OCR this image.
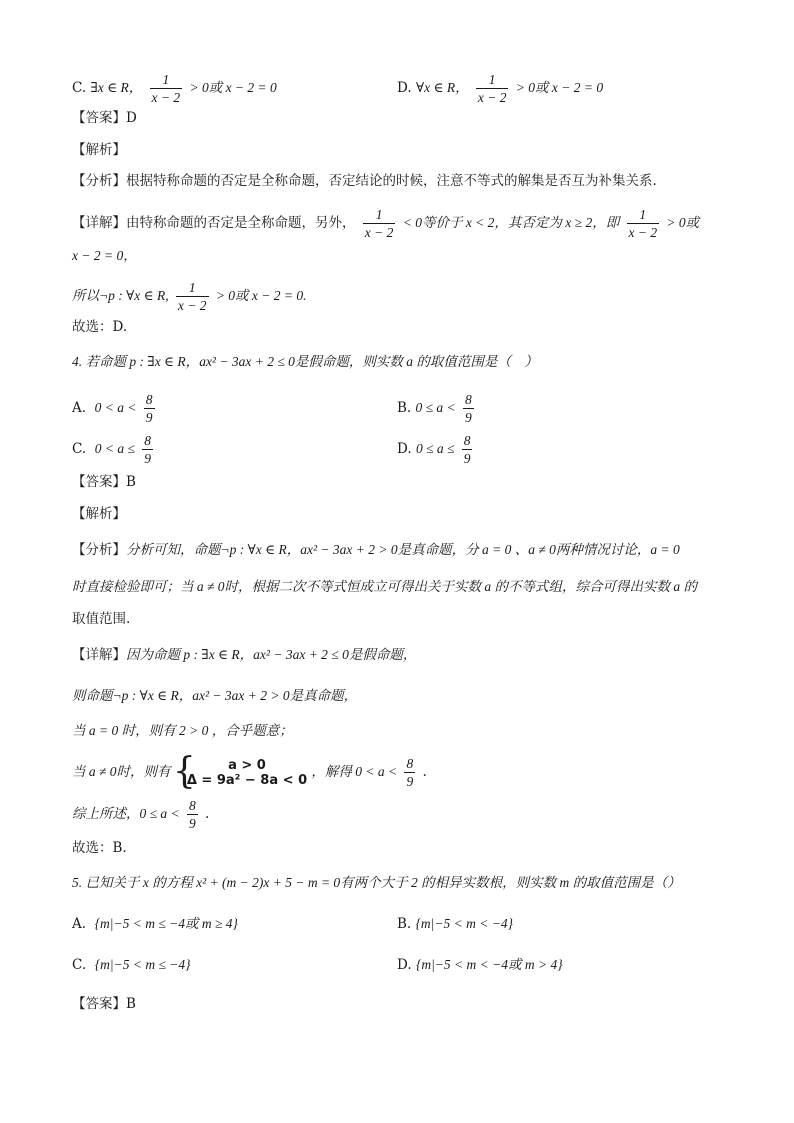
C. ∃x ∈ R， $\frac{1}{x - 2} > 0$或 x − 2 = 0	D. ∀x ∈ R， $\frac{1}{x - 2} > 0$或 x − 2 = 0
【答案】D
【解析】
【分析】根据特称命题的否定是全称命题，否定结论的时候，注意不等式的解集是否互为补集关系.
【详解】由特称命题的否定是全称命题，另外， $\frac{1}{x - 2} < 0$等价于 x < 2，其否定为 x ≥ 2，即 $\frac{1}{x - 2} > 0$或
x − 2 = 0，
所以¬p : ∀x ∈ R, $\frac{1}{x - 2} > 0$或 x − 2 = 0.
故选：D.
4. 若命题 p : ∃x ∈ R，ax² − 3ax + 2 ≤ 0是假命题，则实数 a 的取值范围是（　）
A. $0 < a < \frac{8}{9}$	B. $0 \le a < \frac{8}{9}$
C. $0 < a \le \frac{8}{9}$	D. $0 \le a \le \frac{8}{9}$
【答案】B
【解析】
【分析】分析可知，命题¬p : ∀x ∈ R，ax² − 3ax + 2 > 0是真命题，分 a = 0 、a ≠ 0两种情况讨论，a = 0
时直接检验即可；当 a ≠ 0时，根据二次不等式恒成立可得出关于实数 a 的不等式组，综合可得出实数 a 的
取值范围.
【详解】因为命题 p : ∃x ∈ R，ax² − 3ax + 2 ≤ 0是假命题，
则命题¬p : ∀x ∈ R，ax² − 3ax + 2 > 0是真命题，
当 a = 0 时，则有 2 > 0 ，合乎题意；
当 a ≠ 0时，则有
{	a > 0
Δ = 9a² − 8a < 0
，解得 $0 < a < \frac{8}{9}$ .
综上所述，$0 \le a < \frac{8}{9}$ .
故选：B.
5. 已知关于 x 的方程 x² + (m − 2)x + 5 − m = 0有两个大于 2 的相异实数根，则实数 m 的取值范围是（）
A. {m|−5 < m ≤ −4或 m ≥ 4}	B. {m|−5 < m < −4}
C. {m|−5 < m ≤ −4}	D. {m|−5 < m < −4或 m > 4}
【答案】B
